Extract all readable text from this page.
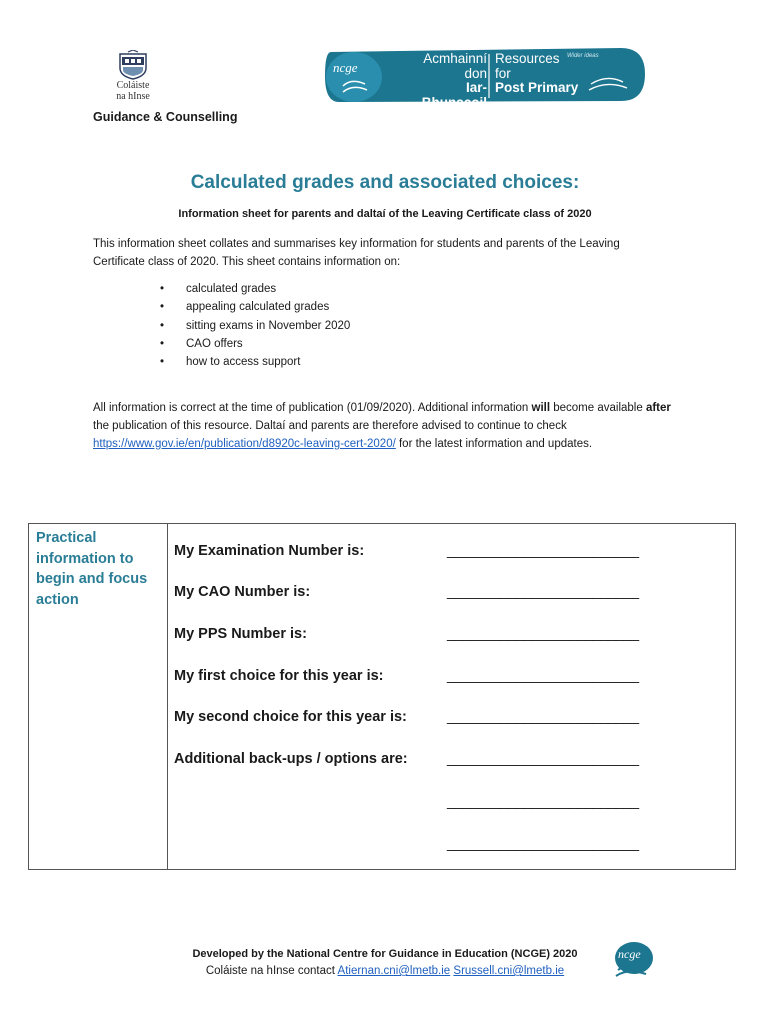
Coláiste
na hInse
ncge
Acmhainní
don
Iar-Bhunscoil
Resources
for
Post Primary
Wider ideas
Guidance & Counselling
Calculated grades and associated choices:
Information sheet for parents and daltaí of the Leaving Certificate class of 2020
This information sheet collates and summarises key information for students and parents of the Leaving Certificate class of 2020. This sheet contains information on:
• calculated grades
• appealing calculated grades
• sitting exams in November 2020
• CAO offers
• how to access support
All information is correct at the time of publication (01/09/2020). Additional information will become available after the publication of this resource. Daltaí and parents are therefore advised to continue to check https://www.gov.ie/en/publication/d8920c-leaving-cert-2020/ for the latest information and updates.
Practical information to begin and focus action
My Examination Number is:	_________________________
My CAO Number is:	_________________________
My PPS Number is:	_________________________
My first choice for this year is:	_________________________
My second choice for this year is:	_________________________
Additional back-ups / options are:	_________________________
_________________________
_________________________
Developed by the National Centre for Guidance in Education (NCGE) 2020
Coláiste na hInse contact Atiernan.cni@lmetb.ie Srussell.cni@lmetb.ie
ncge
